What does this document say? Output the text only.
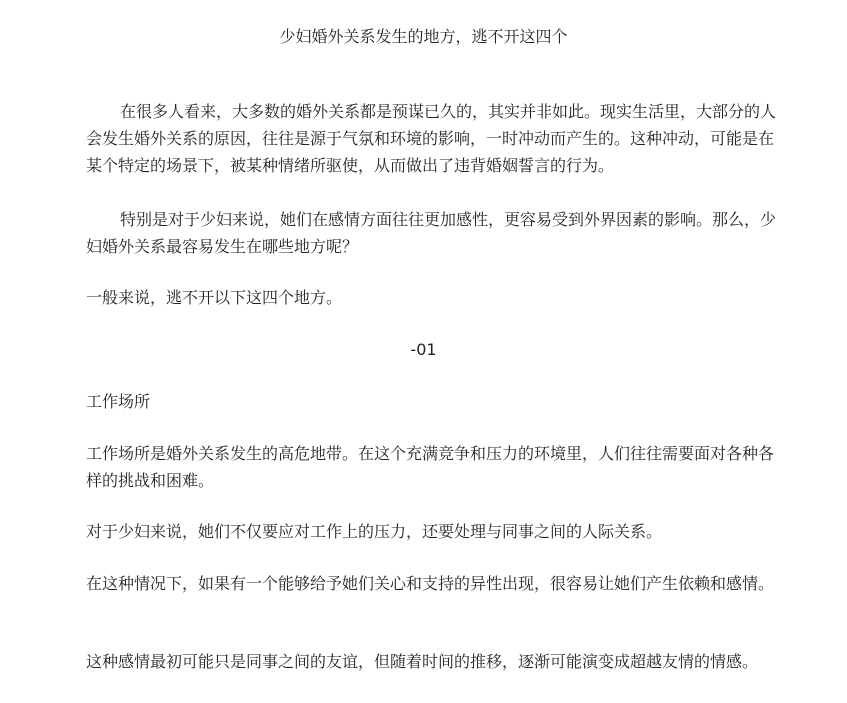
少妇婚外关系发生的地方，逃不开这四个

在很多人看来，大多数的婚外关系都是预谋已久的，其实并非如此。现实生活里，大部分的人会发生婚外关系的原因，往往是源于气氛和环境的影响，一时冲动而产生的。这种冲动，可能是在某个特定的场景下，被某种情绪所驱使，从而做出了违背婚姻誓言的行为。

特别是对于少妇来说，她们在感情方面往往更加感性，更容易受到外界因素的影响。那么，少妇婚外关系最容易发生在哪些地方呢？

一般来说，逃不开以下这四个地方。

-01

工作场所

工作场所是婚外关系发生的高危地带。在这个充满竞争和压力的环境里，人们往往需要面对各种各样的挑战和困难。

对于少妇来说，她们不仅要应对工作上的压力，还要处理与同事之间的人际关系。

在这种情况下，如果有一个能够给予她们关心和支持的异性出现，很容易让她们产生依赖和感情。

这种感情最初可能只是同事之间的友谊，但随着时间的推移，逐渐可能演变成超越友情的情感。
